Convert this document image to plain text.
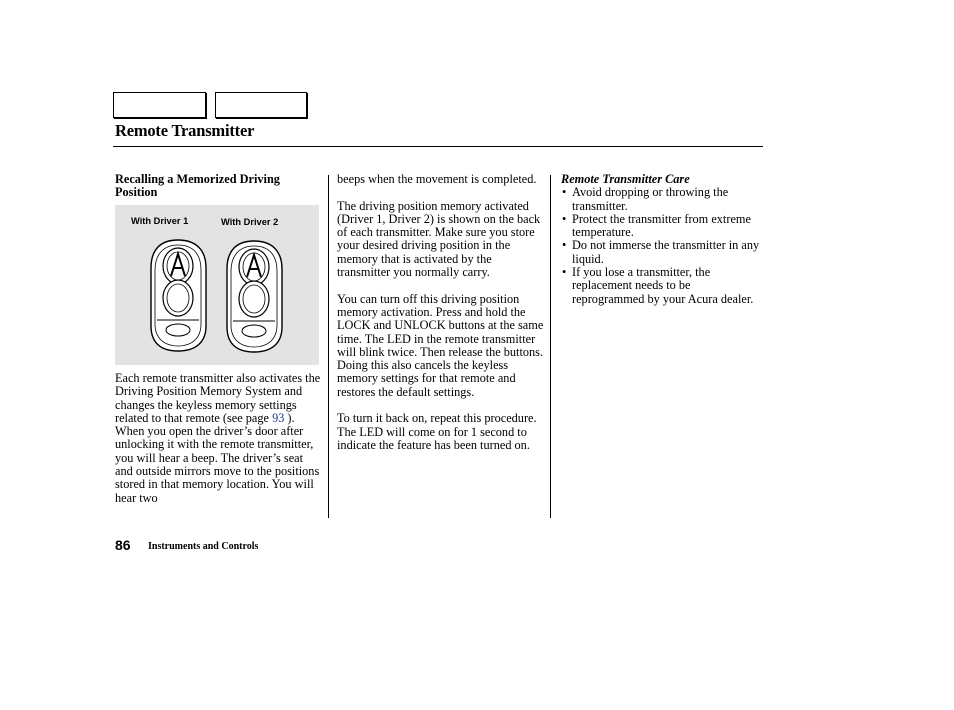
Remote Transmitter

Recalling a Memorized Driving Position

With Driver 1	With Driver 2

Each remote transmitter also activates the Driving Position Memory System and changes the keyless memory settings related to that remote (see page 93 ). When you open the driver’s door after unlocking it with the remote transmitter, you will hear a beep. The driver’s seat and outside mirrors move to the positions stored in that memory location. You will hear two

beeps when the movement is completed.

The driving position memory activated (Driver 1, Driver 2) is shown on the back of each transmitter. Make sure you store your desired driving position in the memory that is activated by the transmitter you normally carry.

You can turn off this driving position memory activation. Press and hold the LOCK and UNLOCK buttons at the same time. The LED in the remote transmitter will blink twice. Then release the buttons. Doing this also cancels the keyless memory settings for that remote and restores the default settings.

To turn it back on, repeat this procedure. The LED will come on for 1 second to indicate the feature has been turned on.

Remote Transmitter Care
• Avoid dropping or throwing the transmitter.
• Protect the transmitter from extreme temperature.
• Do not immerse the transmitter in any liquid.
• If you lose a transmitter, the replacement needs to be reprogrammed by your Acura dealer.
86 Instruments and Controls
